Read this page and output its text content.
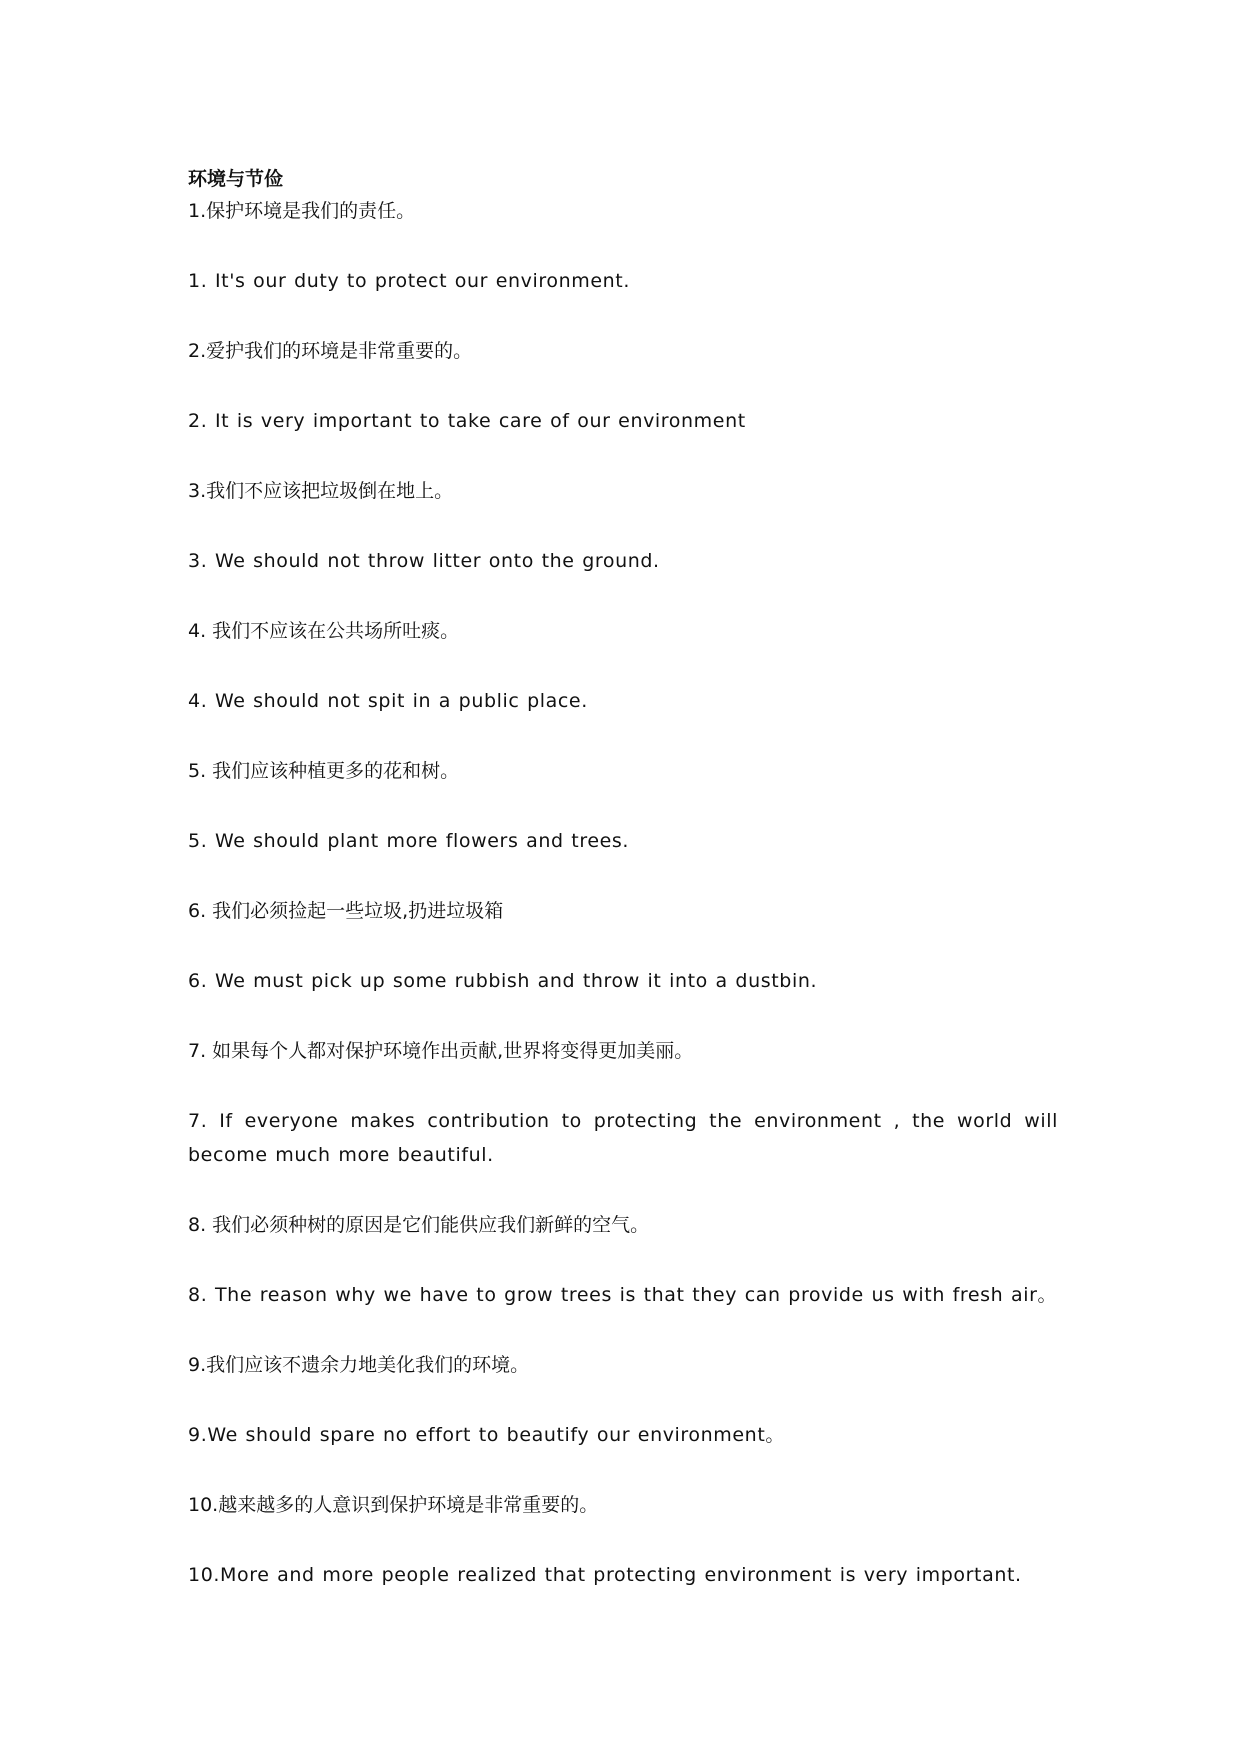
环境与节俭

1.保护环境是我们的责任。

1. It's our duty to protect our environment.

2.爱护我们的环境是非常重要的。

2. It is very important to take care of our environment

3.我们不应该把垃圾倒在地上。

3. We should not throw litter onto the ground.

4. 我们不应该在公共场所吐痰。

4. We should not spit in a public place.

5. 我们应该种植更多的花和树。

5. We should plant more flowers and trees.

6. 我们必须捡起一些垃圾,扔进垃圾箱

6. We must pick up some rubbish and throw it into a dustbin.

7. 如果每个人都对保护环境作出贡献,世界将变得更加美丽。

7. If everyone makes contribution to protecting the environment , the world will become much more beautiful.

8. 我们必须种树的原因是它们能供应我们新鲜的空气。

8. The reason why we have to grow trees is that they can provide us with fresh air。

9.我们应该不遗余力地美化我们的环境。

9.We should spare no effort to beautify our environment。

10.越来越多的人意识到保护环境是非常重要的。

10.More and more people realized that protecting environment is very important.
